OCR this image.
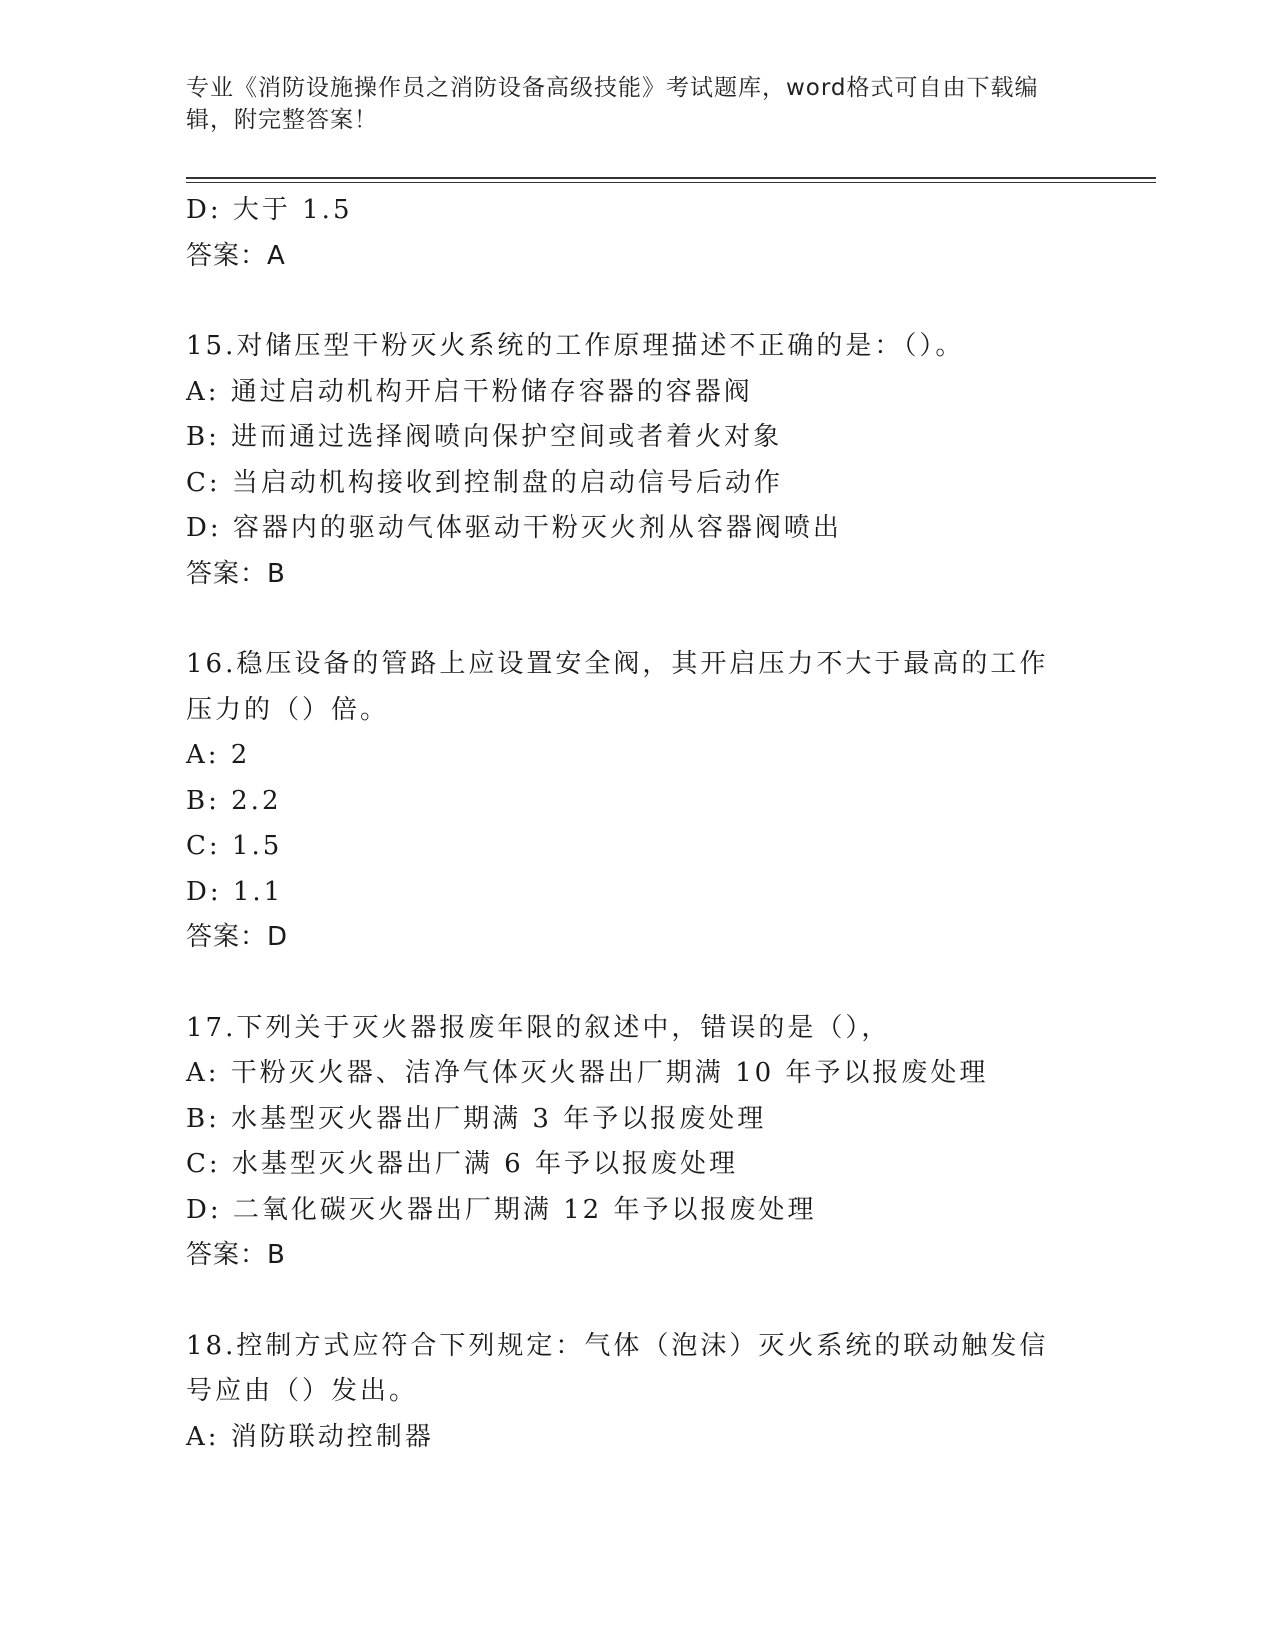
专业《消防设施操作员之消防设备高级技能》考试题库，word格式可自由下载编辑，附完整答案！
D: 大于 1.5
答案：A
15.对储压型干粉灭火系统的工作原理描述不正确的是：（）。
A: 通过启动机构开启干粉储存容器的容器阀
B: 进而通过选择阀喷向保护空间或者着火对象
C: 当启动机构接收到控制盘的启动信号后动作
D: 容器内的驱动气体驱动干粉灭火剂从容器阀喷出
答案：B
16.稳压设备的管路上应设置安全阀，其开启压力不大于最高的工作压力的（）倍。
A: 2
B: 2.2
C: 1.5
D: 1.1
答案：D
17.下列关于灭火器报废年限的叙述中，错误的是（），
A: 干粉灭火器、洁净气体灭火器出厂期满 10 年予以报废处理
B: 水基型灭火器出厂期满 3 年予以报废处理
C: 水基型灭火器出厂满 6 年予以报废处理
D: 二氧化碳灭火器出厂期满 12 年予以报废处理
答案：B
18.控制方式应符合下列规定：气体（泡沫）灭火系统的联动触发信号应由（）发出。
A: 消防联动控制器
